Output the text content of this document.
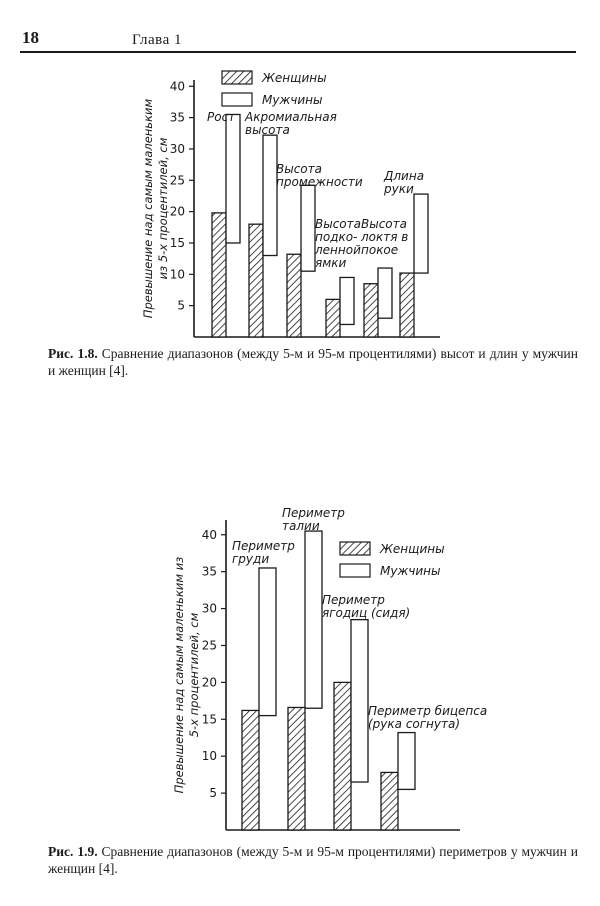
18	Глава 1
5
10
15
20
25
30
35
40
Превышение над самым маленьким из 5-х процентилей, см
Женщины
Мужчины
Рост Акромиальная
высота
Высота
промежности
Высота
подко-
ленной
ямки
Высота
локтя в
покое
Длина
руки
Рис. 1.8. Сравнение диапазонов (между 5-м и 95-м процентилями) высот и длин у мужчин и женщин [4].
5
10
15
20
25
30
35
40
Превышение над самым маленьким из 5-х процентилей, см
Женщины
Мужчины
Периметр
груди
Периметр
талии
Периметр
ягодиц (сидя)
Периметр бицепса
(рука согнута)
Рис. 1.9. Сравнение диапазонов (между 5-м и 95-м процентилями) периметров у мужчин и женщин [4].
